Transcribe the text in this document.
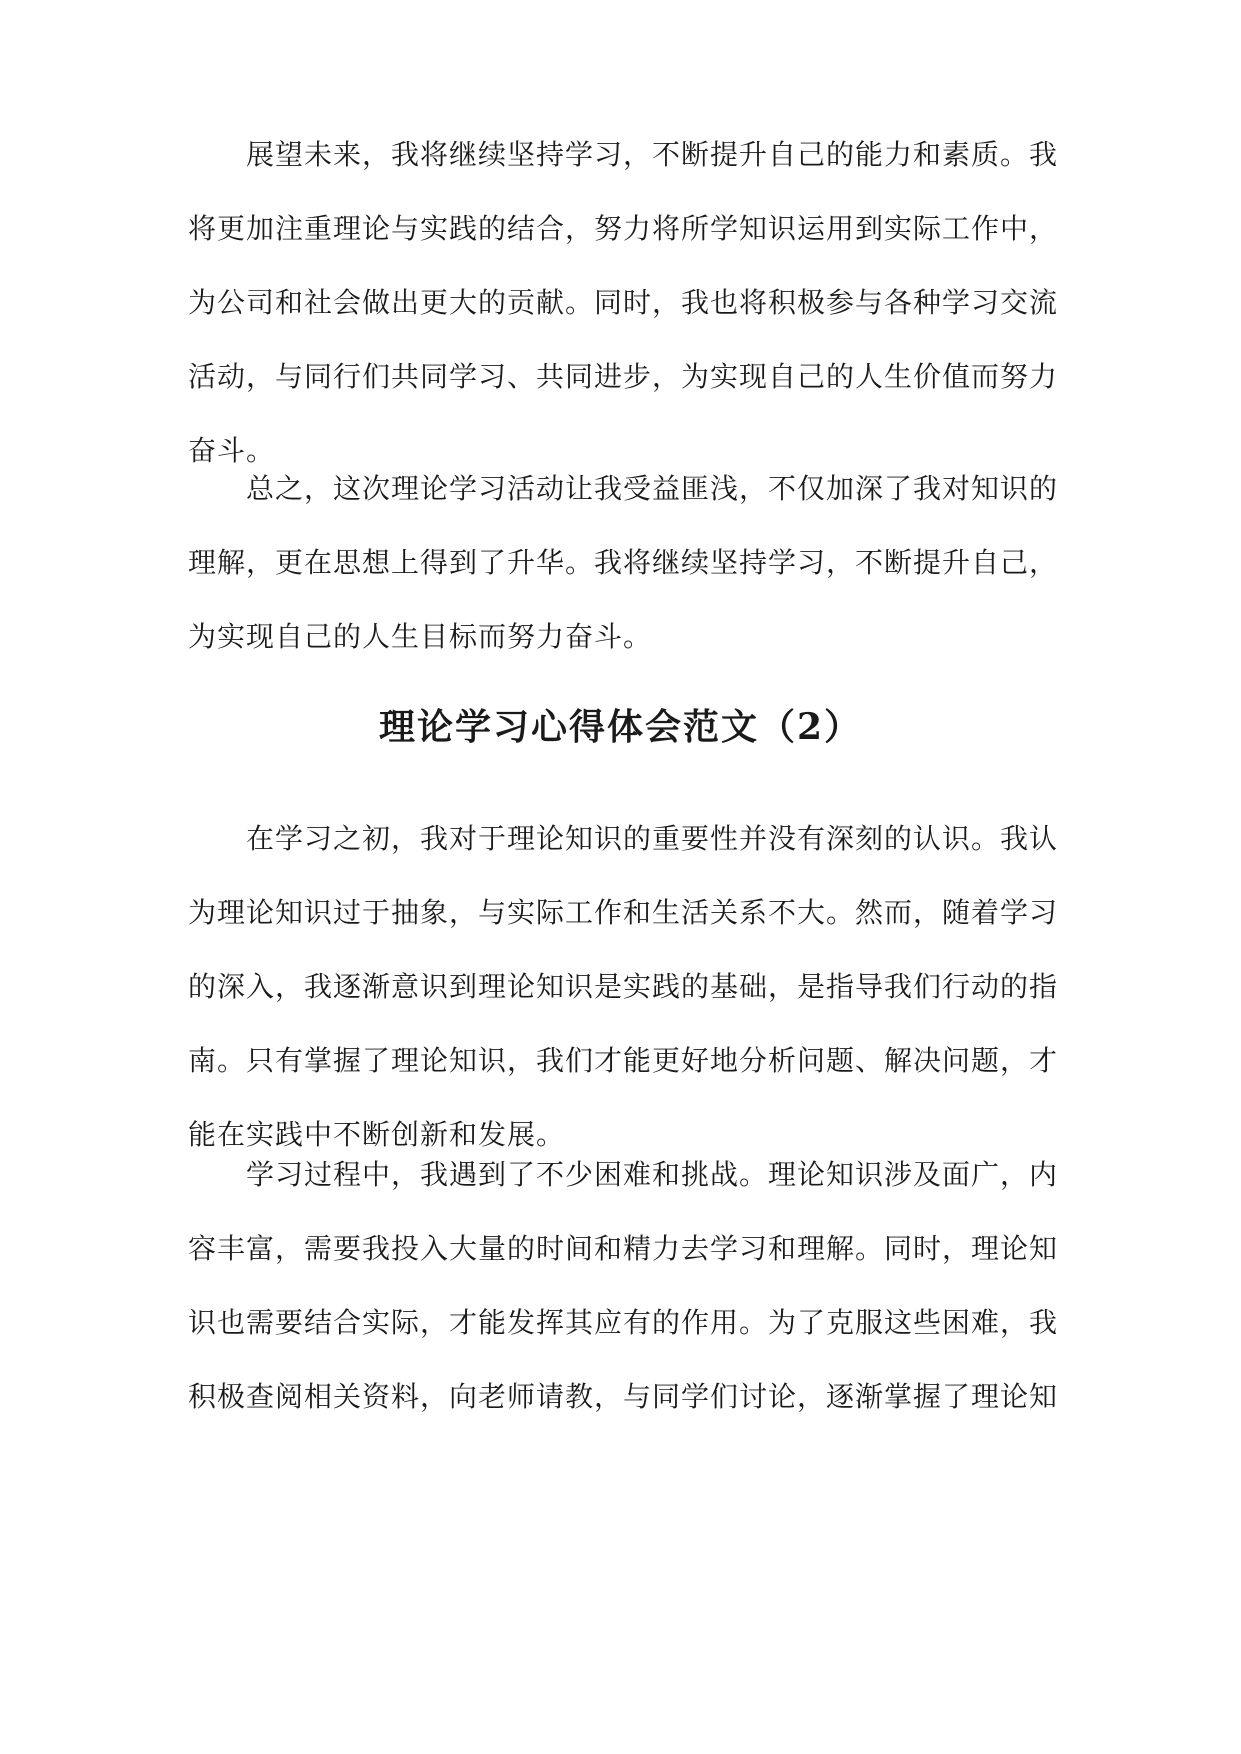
展望未来，我将继续坚持学习，不断提升自己的能力和素质。我
将更加注重理论与实践的结合，努力将所学知识运用到实际工作中，
为公司和社会做出更大的贡献。同时，我也将积极参与各种学习交流
活动，与同行们共同学习、共同进步，为实现自己的人生价值而努力
奋斗。
总之，这次理论学习活动让我受益匪浅，不仅加深了我对知识的
理解，更在思想上得到了升华。我将继续坚持学习，不断提升自己，
为实现自己的人生目标而努力奋斗。
理论学习心得体会范文（2）
在学习之初，我对于理论知识的重要性并没有深刻的认识。我认
为理论知识过于抽象，与实际工作和生活关系不大。然而，随着学习
的深入，我逐渐意识到理论知识是实践的基础，是指导我们行动的指
南。只有掌握了理论知识，我们才能更好地分析问题、解决问题，才
能在实践中不断创新和发展。
学习过程中，我遇到了不少困难和挑战。理论知识涉及面广，内
容丰富，需要我投入大量的时间和精力去学习和理解。同时，理论知
识也需要结合实际，才能发挥其应有的作用。为了克服这些困难，我
积极查阅相关资料，向老师请教，与同学们讨论，逐渐掌握了理论知
